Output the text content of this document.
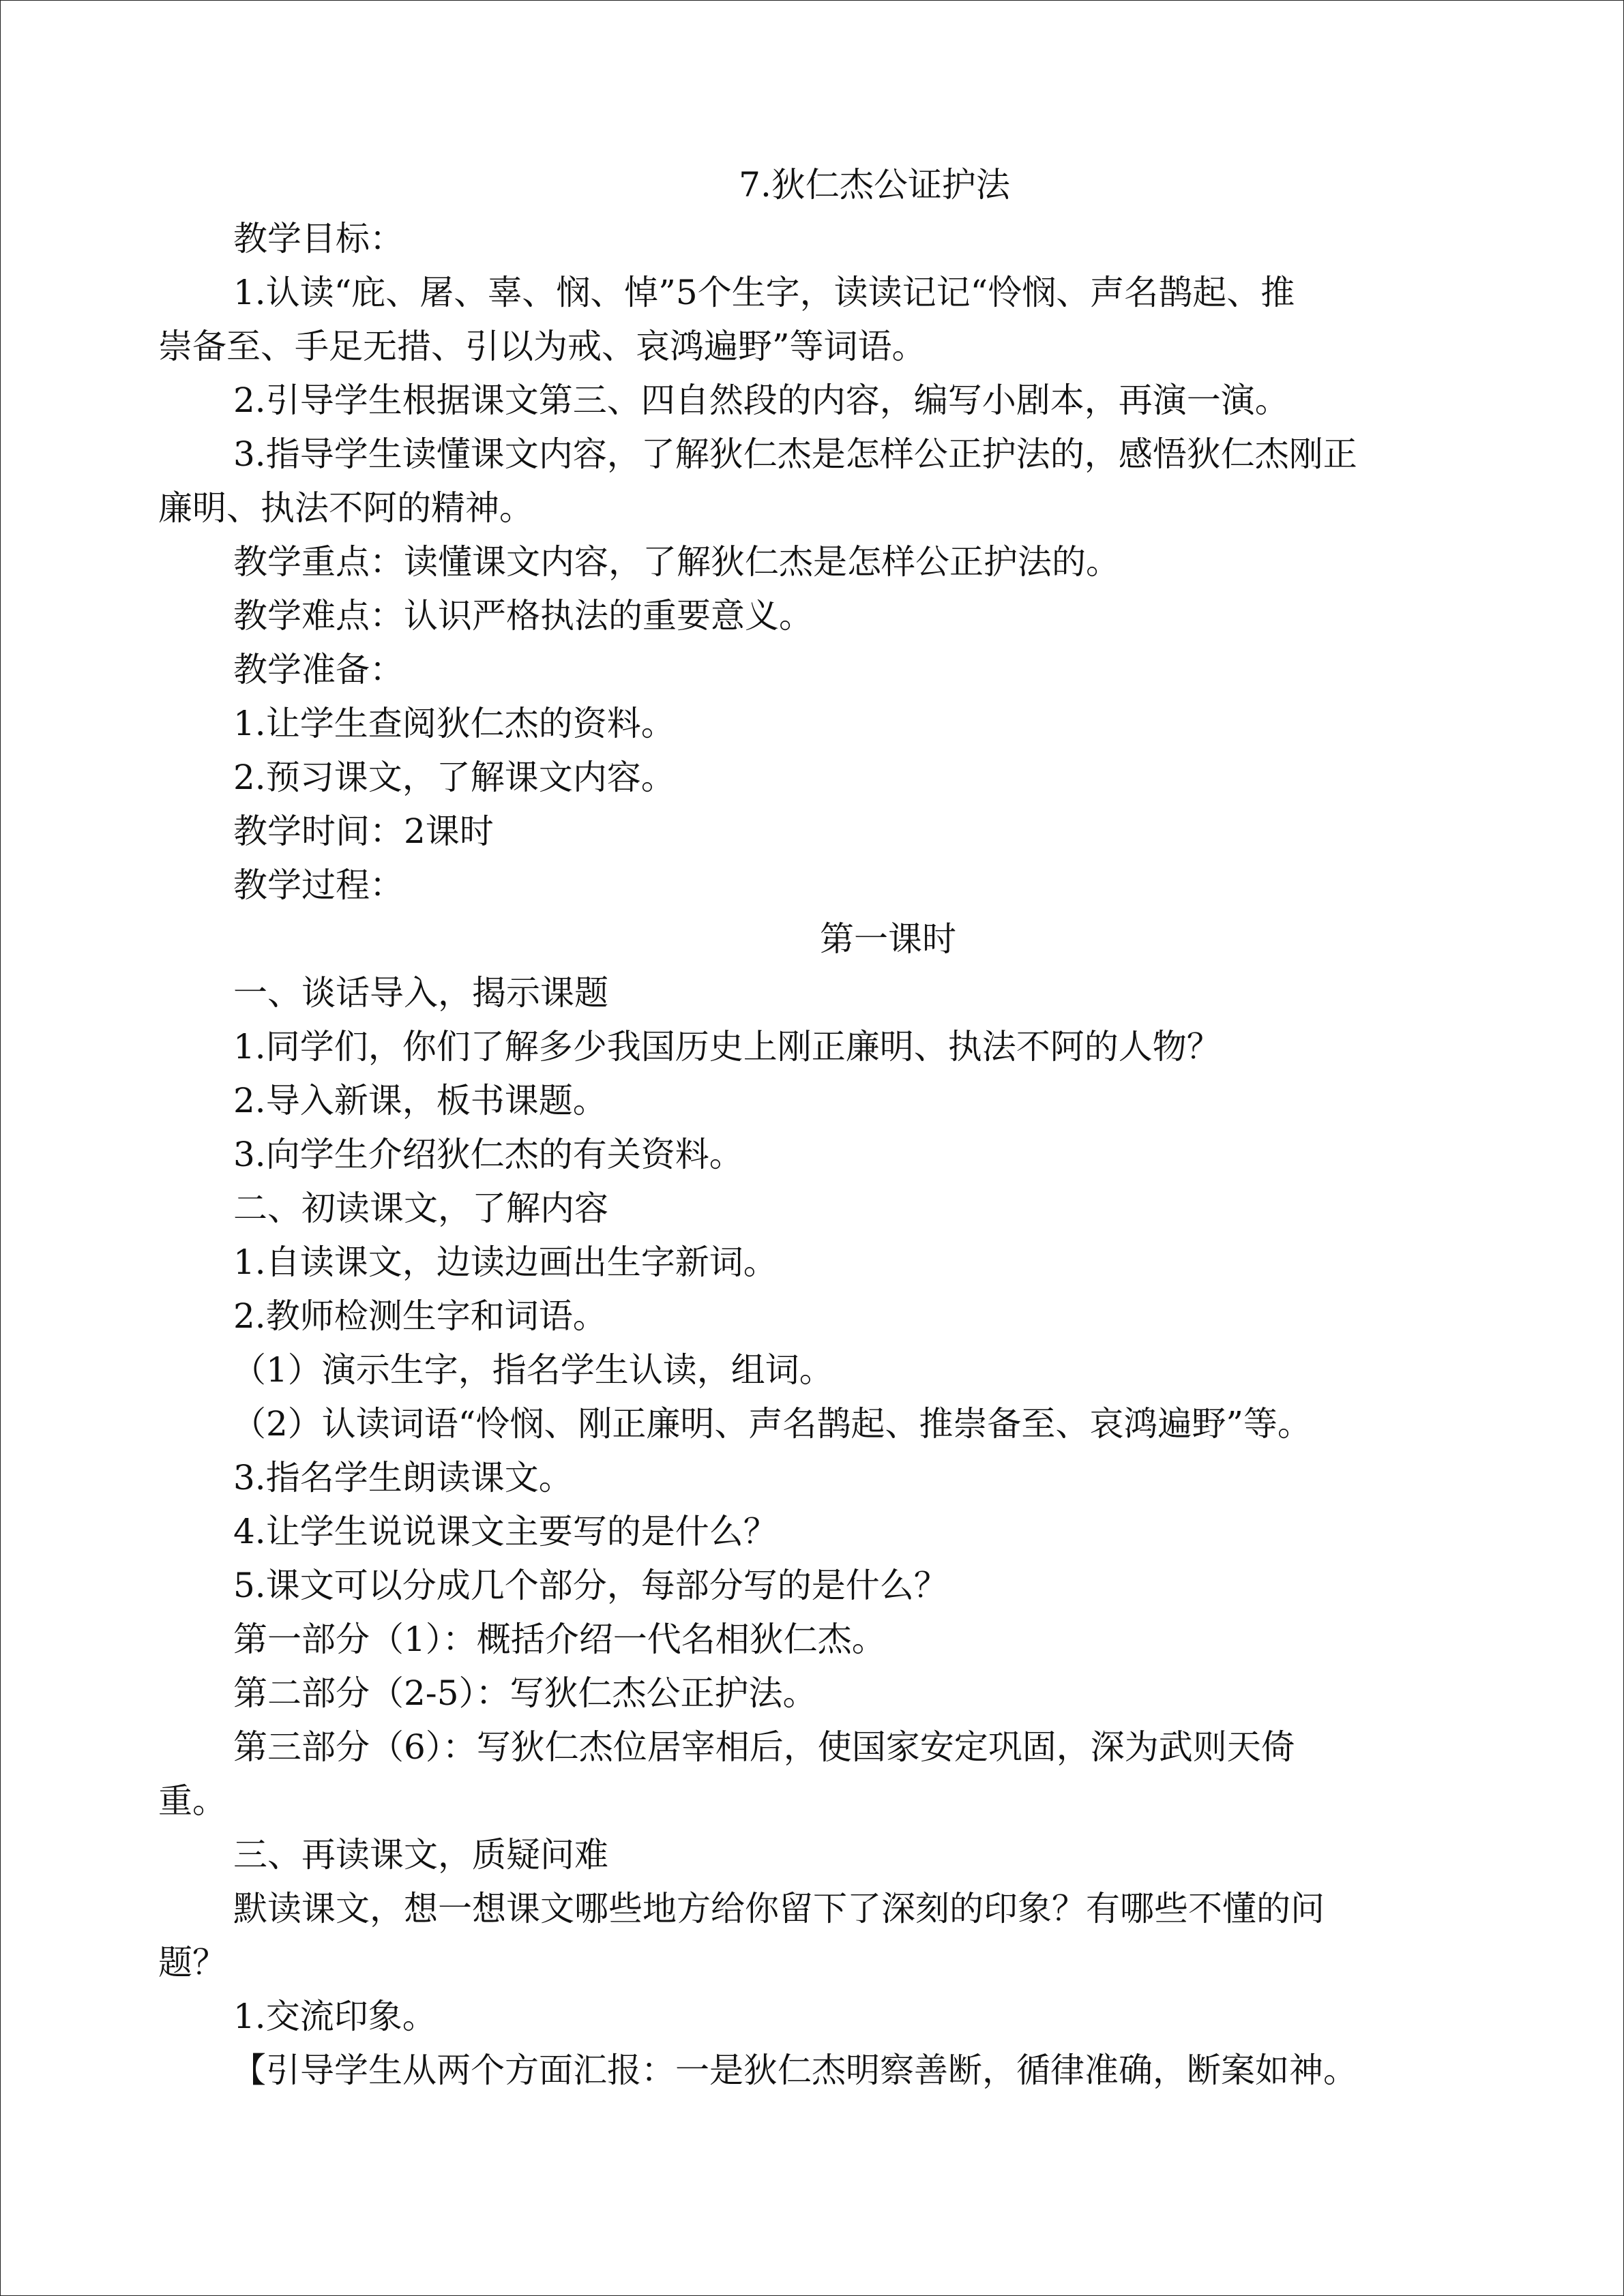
7.狄仁杰公证护法

教学目标：

1.认读“庇、屠、辜、悯、悼”5个生字，读读记记“怜悯、声名鹊起、推

崇备至、手足无措、引以为戒、哀鸿遍野”等词语。

2.引导学生根据课文第三、四自然段的内容，编写小剧本，再演一演。

3.指导学生读懂课文内容，了解狄仁杰是怎样公正护法的，感悟狄仁杰刚正

廉明、执法不阿的精神。

教学重点：读懂课文内容，了解狄仁杰是怎样公正护法的。

教学难点：认识严格执法的重要意义。

教学准备：

1.让学生查阅狄仁杰的资料。

2.预习课文，了解课文内容。

教学时间：2课时

教学过程：

第一课时

一、谈话导入，揭示课题

1.同学们，你们了解多少我国历史上刚正廉明、执法不阿的人物？

2.导入新课，板书课题。

3.向学生介绍狄仁杰的有关资料。

二、初读课文，了解内容

1.自读课文，边读边画出生字新词。

2.教师检测生字和词语。

（1）演示生字，指名学生认读，组词。

（2）认读词语“怜悯、刚正廉明、声名鹊起、推崇备至、哀鸿遍野”等。

3.指名学生朗读课文。

4.让学生说说课文主要写的是什么？

5.课文可以分成几个部分，每部分写的是什么？

第一部分（1）：概括介绍一代名相狄仁杰。

第二部分（2-5）：写狄仁杰公正护法。

第三部分（6）：写狄仁杰位居宰相后，使国家安定巩固，深为武则天倚

重。

三、再读课文，质疑问难

默读课文，想一想课文哪些地方给你留下了深刻的印象？有哪些不懂的问

题？

1.交流印象。

【引导学生从两个方面汇报：一是狄仁杰明察善断，循律准确，断案如神。
